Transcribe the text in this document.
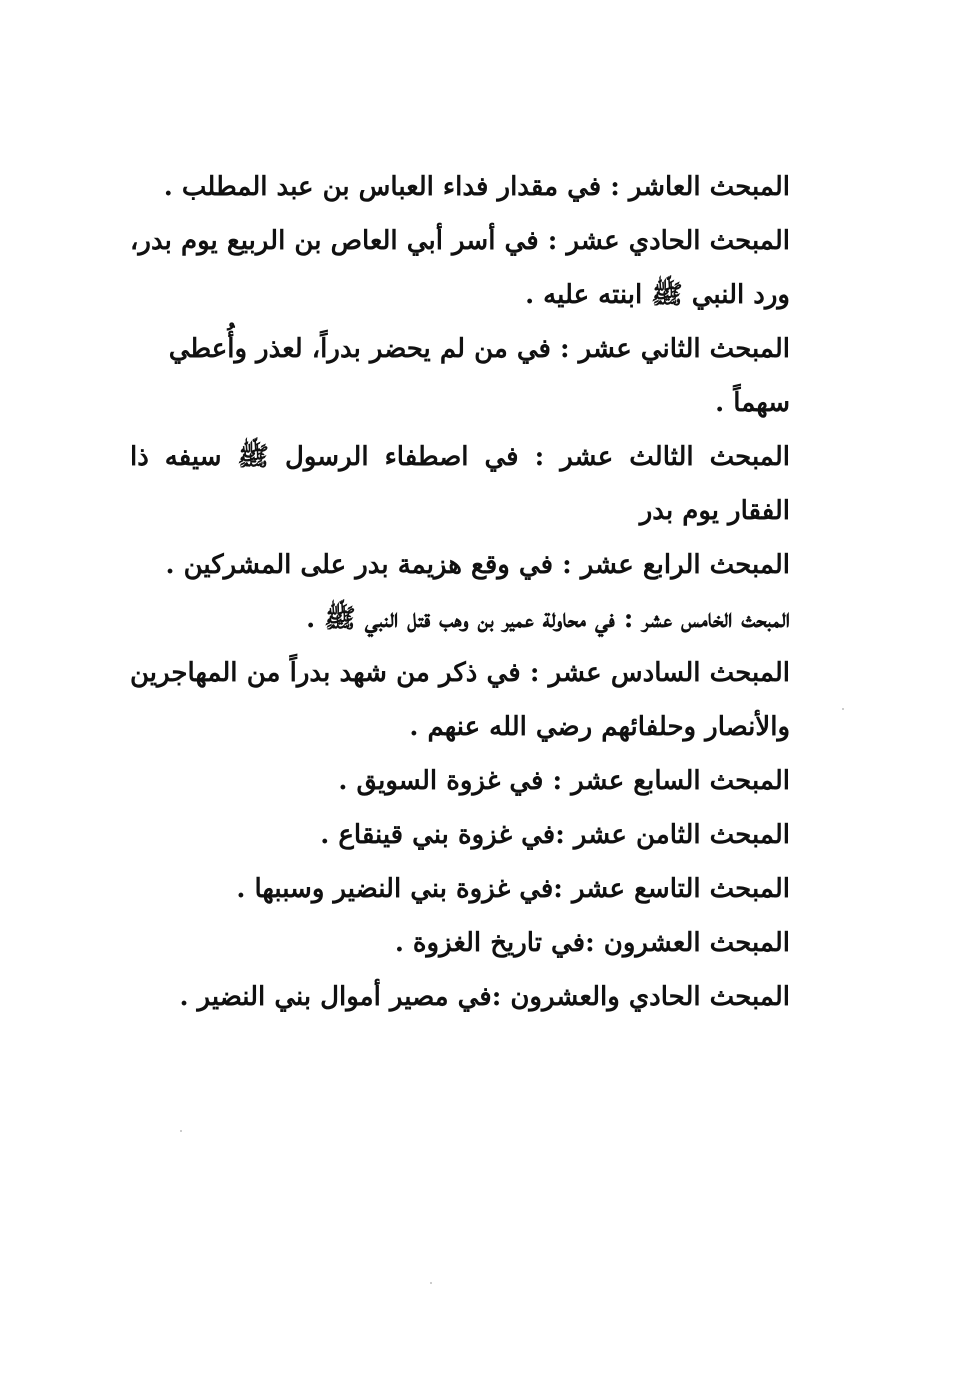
المبحث العاشر : في مقدار فداء العباس بن عبد المطلب .

المبحث الحادي عشر : في أسر أبي العاص بن الربيع يوم بدر، ورد النبي ﷺ ابنته عليه .

المبحث الثاني عشر : في من لم يحضر بدراً، لعذر وأُعطي سهماً .

المبحث الثالث عشر : في اصطفاء الرسول ﷺ سيفه ذا الفقار يوم بدر

المبحث الرابع عشر : في وقع هزيمة بدر على المشركين .

المبحث الخامس عشر : في محاولة عمير بن وهب قتل النبي ﷺ .

المبحث السادس عشر : في ذكر من شهد بدراً من المهاجرين والأنصار وحلفائهم رضي الله عنهم .

المبحث السابع عشر : في غزوة السويق .

المبحث الثامن عشر :في غزوة بني قينقاع .

المبحث التاسع عشر :في غزوة بني النضير وسببها .

المبحث العشرون :في تاريخ الغزوة .

المبحث الحادي والعشرون :في مصير أموال بني النضير .
